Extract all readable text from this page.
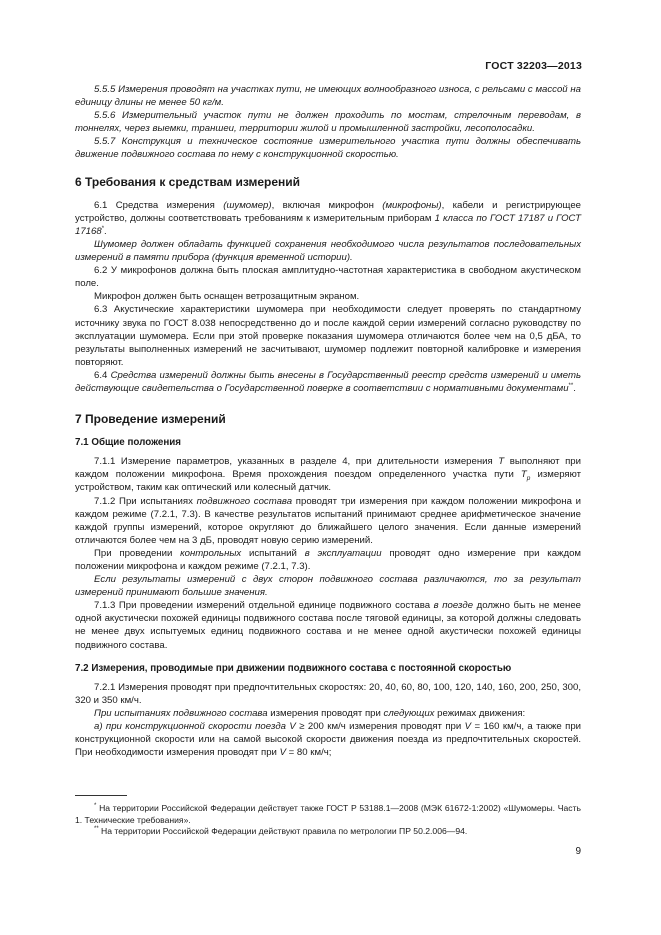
ГОСТ 32203—2013

5.5.5 Измерения проводят на участках пути, не имеющих волнообразного износа, с рельсами с массой на единицу длины не менее 50 кг/м.

5.5.6 Измерительный участок пути не должен проходить по мостам, стрелочным переводам, в тоннелях, через выемки, траншеи, территории жилой и промышленной застройки, лесополосадки.

5.5.7 Конструкция и техническое состояние измерительного участка пути должны обеспечивать движение подвижного состава по нему с конструкционной скоростью.

6 Требования к средствам измерений

6.1 Средства измерения (шумомер), включая микрофон (микрофоны), кабели и регистрирующее устройство, должны соответствовать требованиям к измерительным приборам 1 класса по ГОСТ 17187 и ГОСТ 17168*.

Шумомер должен обладать функцией сохранения необходимого числа результатов последовательных измерений в памяти прибора (функция временной истории).

6.2 У микрофонов должна быть плоская амплитудно-частотная характеристика в свободном акустическом поле.

Микрофон должен быть оснащен ветрозащитным экраном.

6.3 Акустические характеристики шумомера при необходимости следует проверять по стандартному источнику звука по ГОСТ 8.038 непосредственно до и после каждой серии измерений согласно руководству по эксплуатации шумомера. Если при этой проверке показания шумомера отличаются более чем на 0,5 дБА, то результаты выполненных измерений не засчитывают, шумомер подлежит повторной калибровке и измерения повторяют.

6.4 Средства измерений должны быть внесены в Государственный реестр средств измерений и иметь действующие свидетельства о Государственной поверке в соответствии с нормативными документами**.

7 Проведение измерений
7.1 Общие положения

7.1.1 Измерение параметров, указанных в разделе 4, при длительности измерения T выполняют при каждом положении микрофона. Время прохождения поездом определенного участка пути $T_p$ измеряют устройством, таким как оптический или колесный датчик.

7.1.2 При испытаниях подвижного состава проводят три измерения при каждом положении микрофона и каждом режиме (7.2.1, 7.3). В качестве результатов испытаний принимают среднее арифметическое значение каждой группы измерений, которое округляют до ближайшего целого значения. Если данные измерений отличаются более чем на 3 дБ, проводят новую серию измерений.

При проведении контрольных испытаний в эксплуатации проводят одно измерение при каждом положении микрофона и каждом режиме (7.2.1, 7.3).

Если результаты измерений с двух сторон подвижного состава различаются, то за результат измерений принимают большие значения.

7.1.3 При проведении измерений отдельной единице подвижного состава в поезде должно быть не менее одной акустически похожей единицы подвижного состава после тяговой единицы, за которой должны следовать не менее двух испытуемых единиц подвижного состава и не менее одной акустически похожей единицы подвижного состава.

7.2 Измерения, проводимые при движении подвижного состава с постоянной скоростью

7.2.1 Измерения проводят при предпочтительных скоростях: 20, 40, 60, 80, 100, 120, 140, 160, 200, 250, 300, 320 и 350 км/ч.

При испытаниях подвижного состава измерения проводят при следующих режимах движения:

а) при конструкционной скорости поезда V ≥ 200 км/ч измерения проводят при V = 160 км/ч, а также при конструкционной скорости или на самой высокой скорости движения поезда из предпочтительных скоростей. При необходимости измерения проводят при V = 80 км/ч;

* На территории Российской Федерации действует также ГОСТ Р 53188.1—2008 (МЭК 61672-1:2002) «Шумомеры. Часть 1. Технические требования».

** На территории Российской Федерации действуют правила по метрологии ПР 50.2.006—94.

9
